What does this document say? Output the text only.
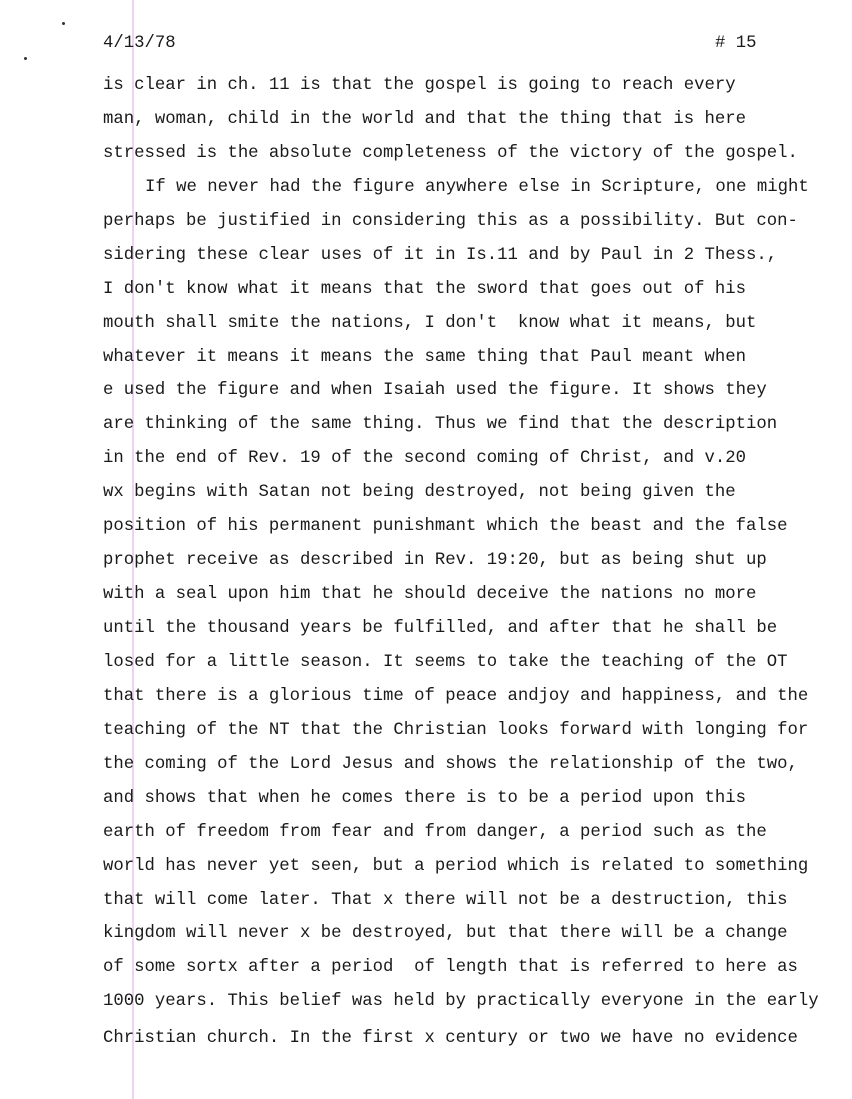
4/13/78	# 15
is clear in ch. 11 is that the gospel is going to reach every
man, woman, child in the world and that the thing that is here
stressed is the absolute completeness of the victory of the gospel.
If we never had the figure anywhere else in Scripture, one might
perhaps be justified in considering this as a possibility. But con-
sidering these clear uses of it in Is.11 and by Paul in 2 Thess.,
I don't know what it means that the sword that goes out of his
mouth shall smite the nations, I don't  know what it means, but
whatever it means it means the same thing that Paul meant when
e used the figure and when Isaiah used the figure. It shows they
are thinking of the same thing. Thus we find that the description
in the end of Rev. 19 of the second coming of Christ, and v.20
wx begins with Satan not being destroyed, not being given the
position of his permanent punishmant which the beast and the false
prophet receive as described in Rev. 19:20, but as being shut up
with a seal upon him that he should deceive the nations no more
until the thousand years be fulfilled, and after that he shall be
losed for a little season. It seems to take the teaching of the OT
that there is a glorious time of peace andjoy and happiness, and the
teaching of the NT that the Christian looks forward with longing for
the coming of the Lord Jesus and shows the relationship of the two,
and shows that when he comes there is to be a period upon this
earth of freedom from fear and from danger, a period such as the
world has never yet seen, but a period which is related to something
that will come later. That x there will not be a destruction, this
kingdom will never x be destroyed, but that there will be a change
of some sortx after a period  of length that is referred to here as
1000 years. This belief was held by practically everyone in the early
Christian church. In the first x century or two we have no evidence
